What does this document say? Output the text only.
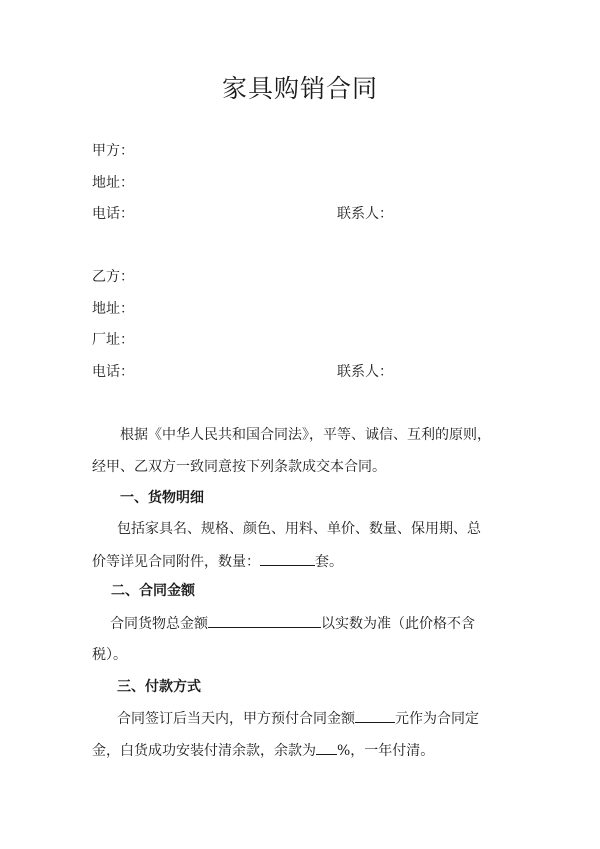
家具购销合同
甲方：
地址：
电话：	联系人：
乙方：
地址：
厂址：
电话：	联系人：
根据《中华人民共和国合同法》，平等、诚信、互利的原则，
经甲、乙双方一致同意按下列条款成交本合同。
一、货物明细
包括家具名、规格、颜色、用料、单价、数量、保用期、总
价等详见合同附件，数量：	套。
二、合同金额
合同货物总金额	以实数为准（此价格不含
税）。
三、付款方式
合同签订后当天内，甲方预付合同金额	元作为合同定
金，白货成功安装付清余款，余款为 %，一年付清。
